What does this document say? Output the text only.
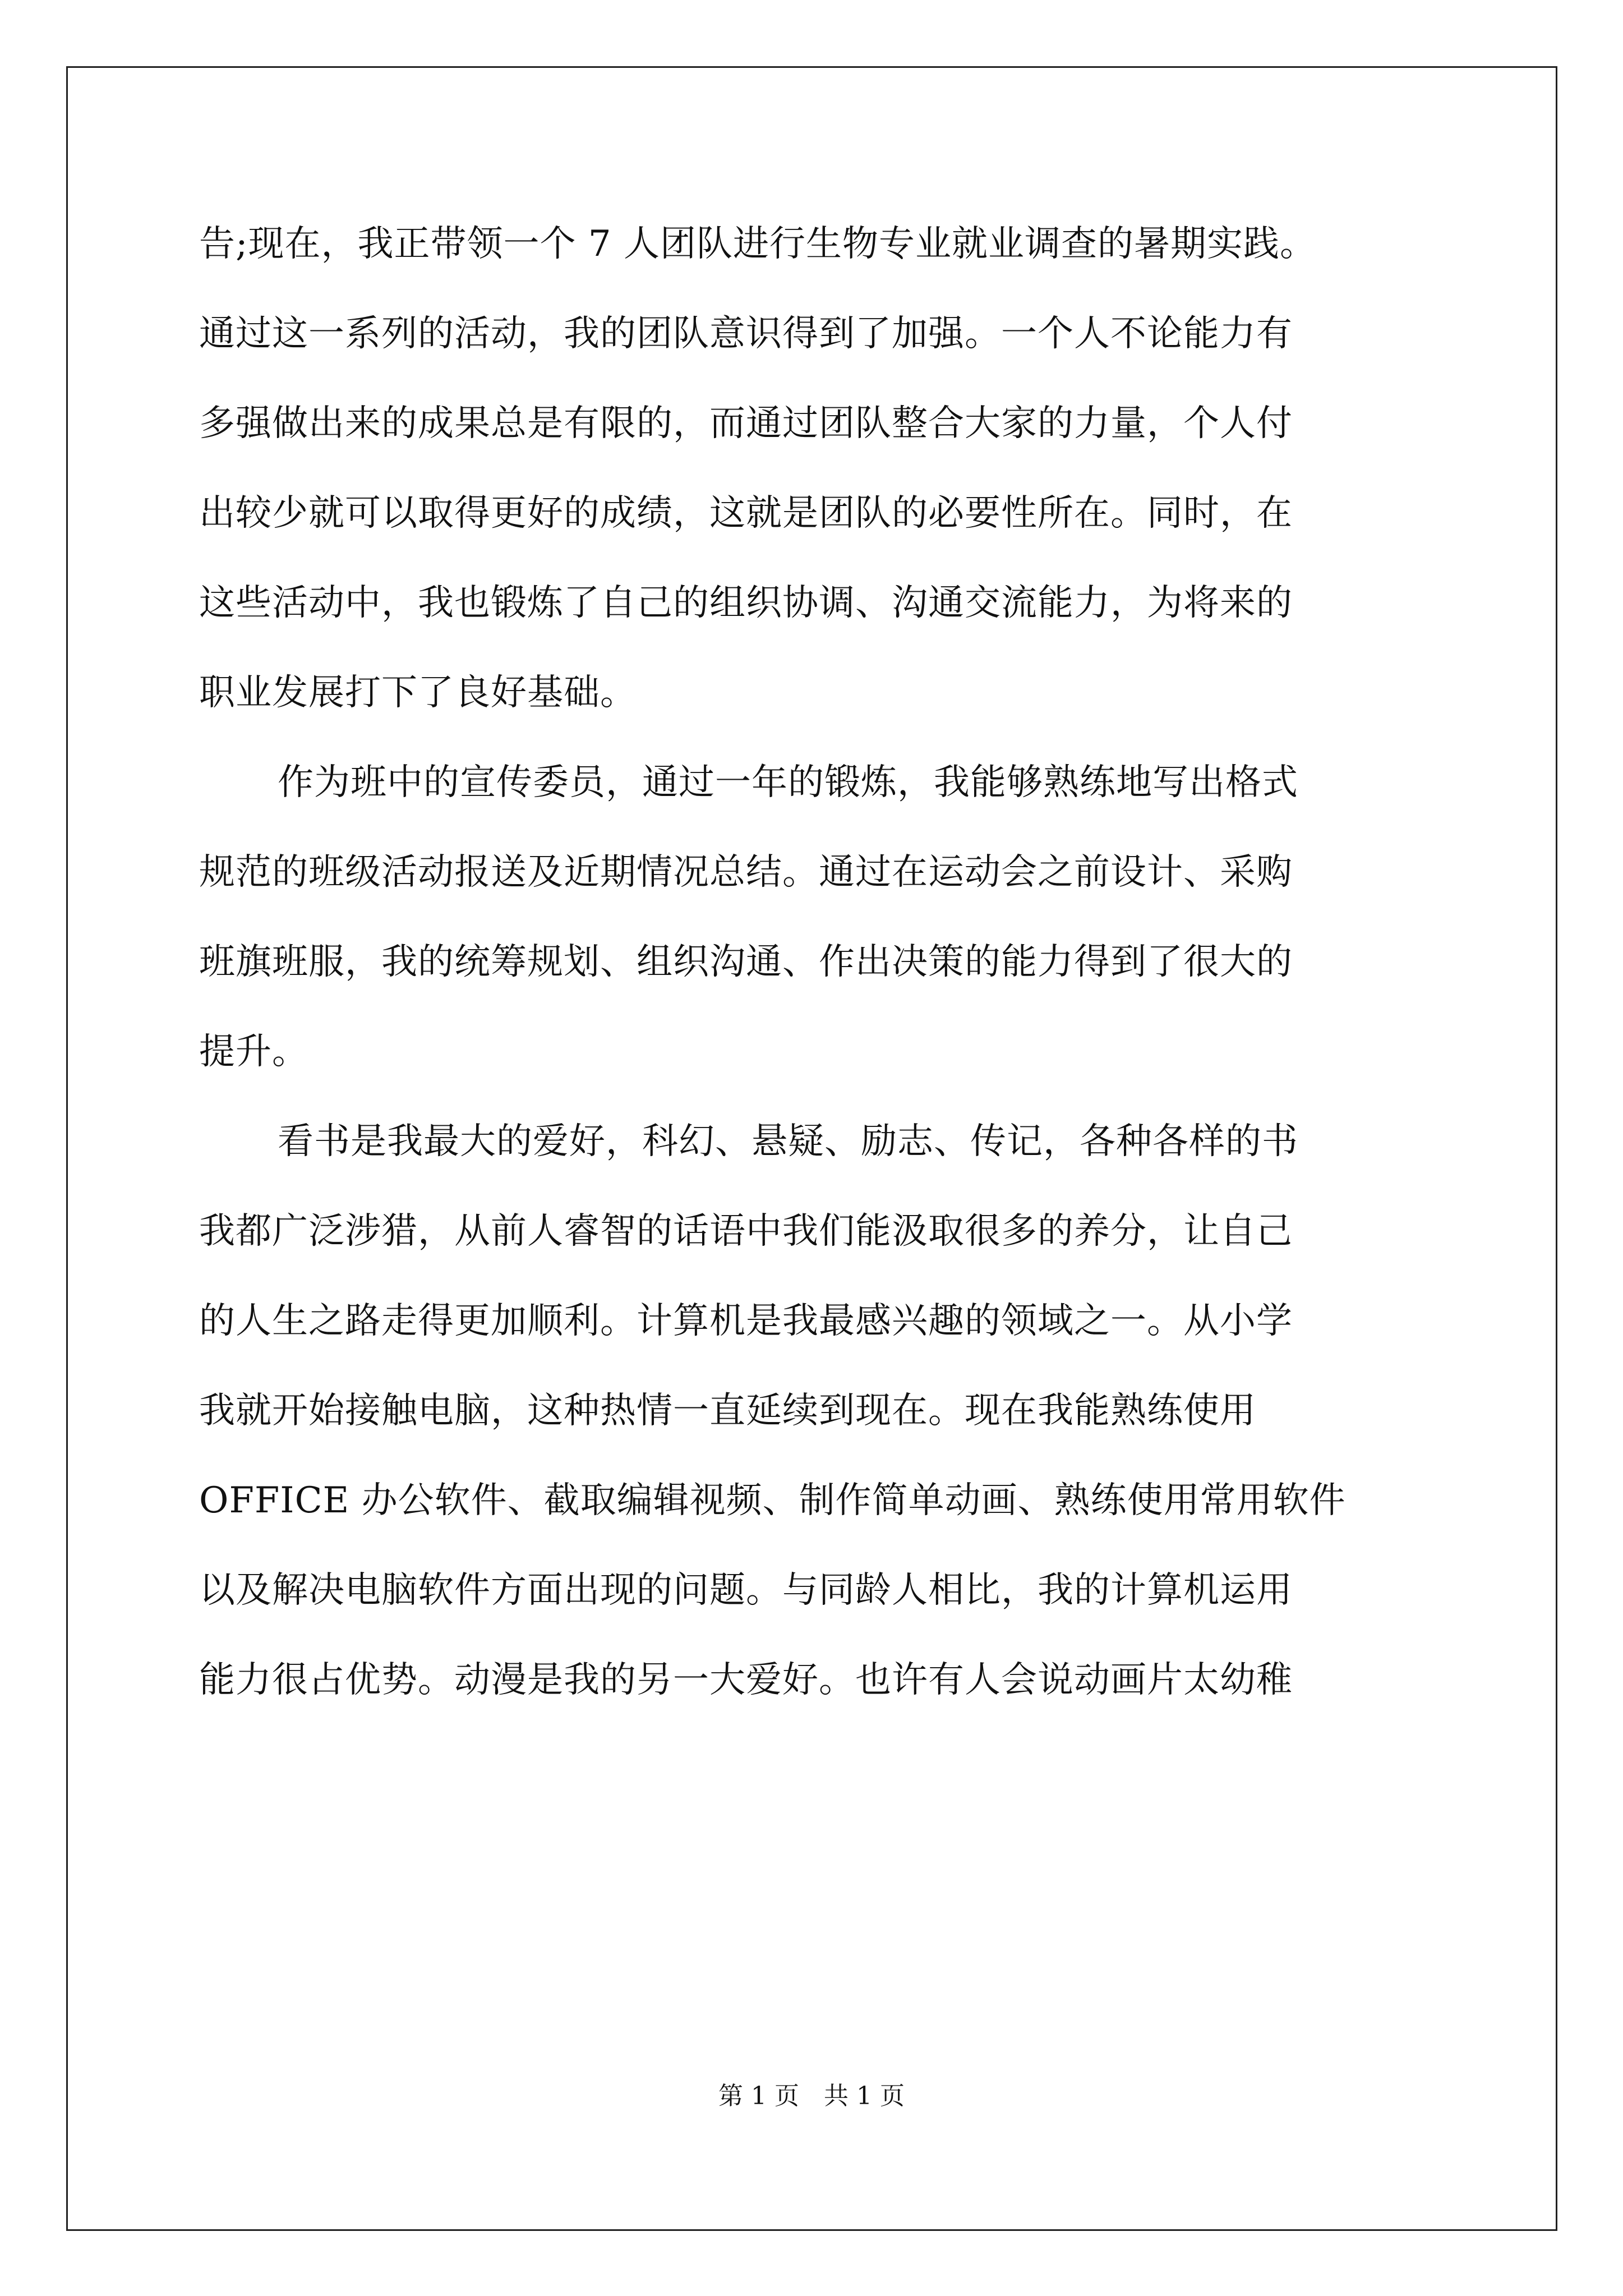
告;现在，我正带领一个 7 人团队进行生物专业就业调查的暑期实践。
通过这一系列的活动，我的团队意识得到了加强。一个人不论能力有
多强做出来的成果总是有限的，而通过团队整合大家的力量，个人付
出较少就可以取得更好的成绩，这就是团队的必要性所在。同时，在
这些活动中，我也锻炼了自己的组织协调、沟通交流能力，为将来的
职业发展打下了良好基础。
作为班中的宣传委员，通过一年的锻炼，我能够熟练地写出格式
规范的班级活动报送及近期情况总结。通过在运动会之前设计、采购
班旗班服，我的统筹规划、组织沟通、作出决策的能力得到了很大的
提升。
看书是我最大的爱好，科幻、悬疑、励志、传记，各种各样的书
我都广泛涉猎，从前人睿智的话语中我们能汲取很多的养分，让自己
的人生之路走得更加顺利。计算机是我最感兴趣的领域之一。从小学
我就开始接触电脑，这种热情一直延续到现在。现在我能熟练使用
OFFICE 办公软件、截取编辑视频、制作简单动画、熟练使用常用软件
以及解决电脑软件方面出现的问题。与同龄人相比，我的计算机运用
能力很占优势。动漫是我的另一大爱好。也许有人会说动画片太幼稚
第 1 页　共 1 页
